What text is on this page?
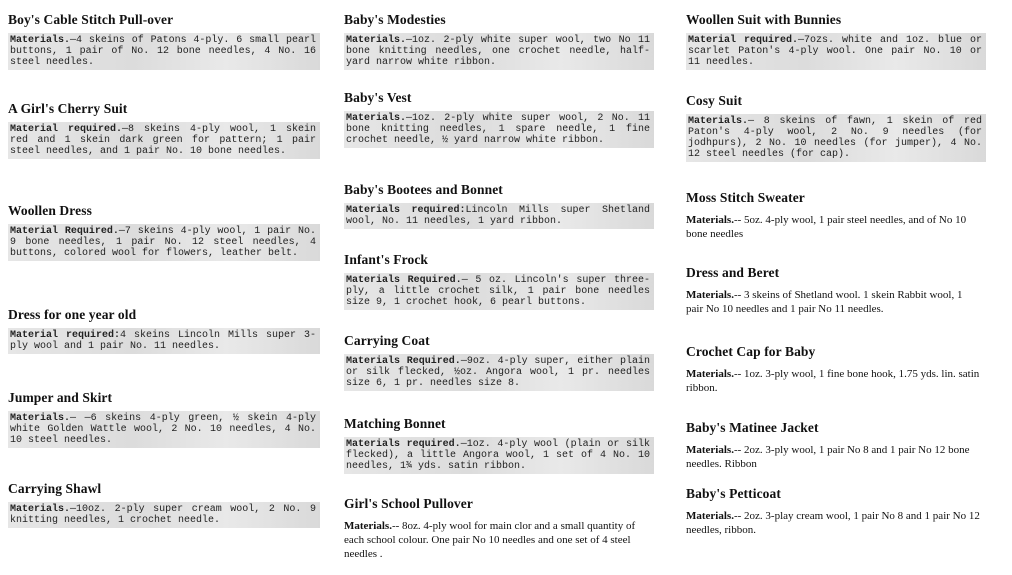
Boy's Cable Stitch Pull-over

Materials.—4 skeins of Patons 4-ply. 6 small pearl buttons, 1 pair of No. 12 bone needles, 4 No. 16 steel needles.

A Girl's Cherry Suit

Material required.—8 skeins 4-ply wool, 1 skein red and 1 skein dark green for pattern; 1 pair steel needles, and 1 pair No. 10 bone needles.

Woollen Dress

Material Required.—7 skeins 4-ply wool, 1 pair No. 9 bone needles, 1 pair No. 12 steel needles, 4 buttons, colored wool for flowers, leather belt.

Dress for one year old

Material required:4 skeins Lincoln Mills super 3-ply wool and 1 pair No. 11 needles.

Jumper and Skirt

Materials.— —6 skeins 4-ply green, ½ skein 4-ply white Golden Wattle wool, 2 No. 10 needles, 4 No. 10 steel needles.

Carrying Shawl

Materials.—10oz. 2-ply super cream wool, 2 No. 9 knitting needles, 1 crochet needle.

Baby's Modesties

Materials.—1oz. 2-ply white super wool, two No 11 bone knitting needles, one crochet needle, half-yard narrow white ribbon.

Baby's Vest

Materials.—1oz. 2-ply white super wool, 2 No. 11 bone knitting needles, 1 spare needle, 1 fine crochet needle, ½ yard narrow white ribbon.

Baby's Bootees and Bonnet

Materials required:Lincoln Mills super Shetland wool, No. 11 needles, 1 yard ribbon.

Infant's Frock

Materials Required.— 5 oz. Lincoln's super three-ply, a little crochet silk, 1 pair bone needles size 9, 1 crochet hook, 6 pearl buttons.

Carrying Coat

Materials Required.—9oz. 4-ply super, either plain or silk flecked, ½oz. Angora wool, 1 pr. needles size 6, 1 pr. needles size 8.

Matching Bonnet

Materials required.—1oz. 4-ply wool (plain or silk flecked), a little Angora wool, 1 set of 4 No. 10 needles, 1¾ yds. satin ribbon.

Girl's School Pullover

Materials.-- 8oz. 4-ply wool for main clor and a small quantity of each school colour. One pair No 10 needles and one set of 4 steel needles .

Woollen Suit with Bunnies

Material required.—7ozs. white and 1oz. blue or scarlet Paton's 4-ply wool. One pair No. 10 or 11 needles.

Cosy Suit

Materials.— 8 skeins of fawn, 1 skein of red Paton's 4-ply wool, 2 No. 9 needles (for jodhpurs), 2 No. 10 needles (for jumper), 4 No. 12 steel needles (for cap).

Moss Stitch Sweater

Materials.-- 5oz. 4-ply wool, 1 pair steel needles, and of No 10 bone needles

Dress and Beret

Materials.-- 3 skeins of Shetland wool. 1 skein Rabbit wool, 1 pair No 10 needles and 1 pair No 11 needles.

Crochet Cap for Baby

Materials.-- 1oz. 3-ply wool, 1 fine bone hook, 1.75 yds. lin. satin ribbon.

Baby's Matinee Jacket

Materials.-- 2oz. 3-ply wool, 1 pair No 8 and 1 pair No 12 bone needles. Ribbon

Baby's Petticoat

Materials.-- 2oz. 3-play cream wool, 1 pair No 8 and 1 pair No 12 needles, ribbon.
